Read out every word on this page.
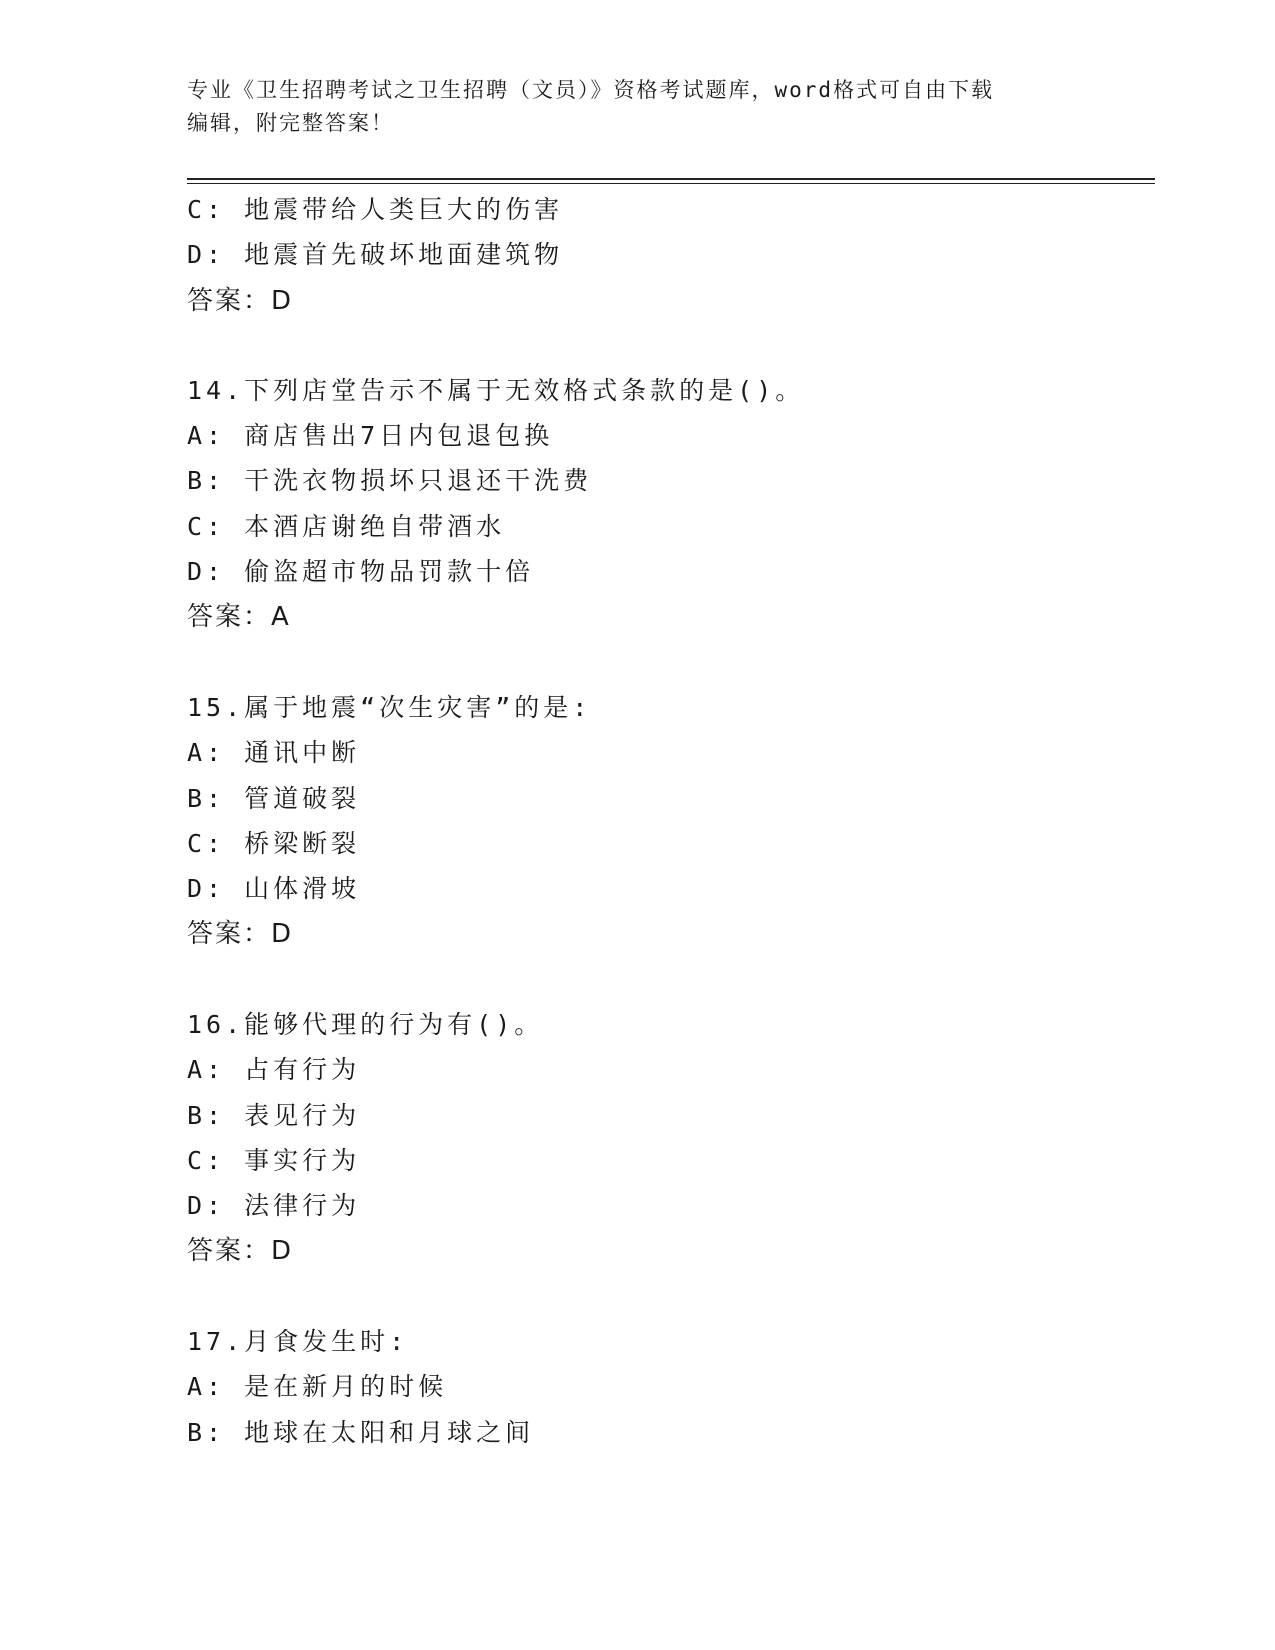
专业《卫生招聘考试之卫生招聘（文员）》资格考试题库，word格式可自由下载
编辑，附完整答案！
C: 地震带给人类巨大的伤害
D: 地震首先破坏地面建筑物
答案：D
14.下列店堂告示不属于无效格式条款的是()。
A: 商店售出7日内包退包换
B: 干洗衣物损坏只退还干洗费
C: 本酒店谢绝自带酒水
D: 偷盗超市物品罚款十倍
答案：A
15.属于地震“次生灾害”的是:
A: 通讯中断
B: 管道破裂
C: 桥梁断裂
D: 山体滑坡
答案：D
16.能够代理的行为有()。
A: 占有行为
B: 表见行为
C: 事实行为
D: 法律行为
答案：D
17.月食发生时:
A: 是在新月的时候
B: 地球在太阳和月球之间
